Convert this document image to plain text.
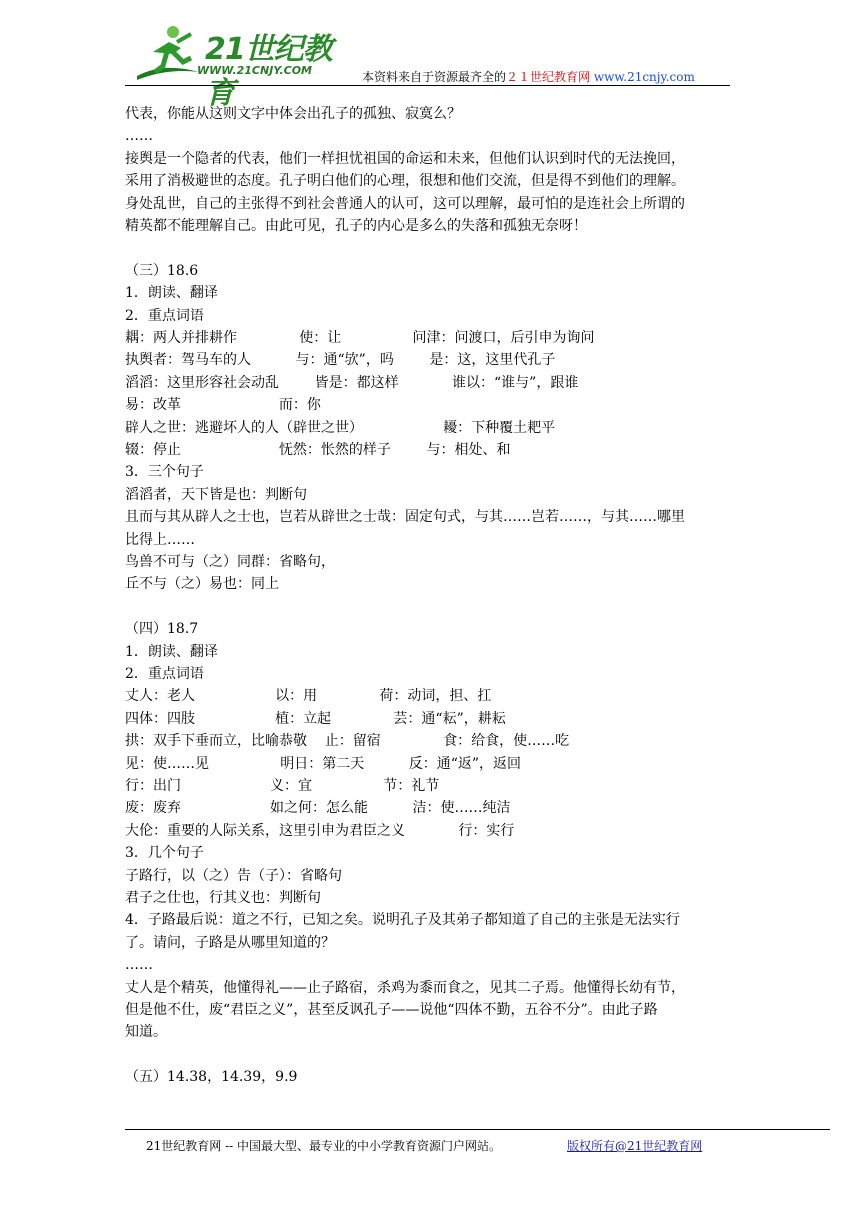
21世纪教育
WWW.21CNJY.COM	本资料来自于资源最齐全的２１世纪教育网 www.21cnjy.com
代表，你能从这则文字中体会出孔子的孤独、寂寞么？
……
接舆是一个隐者的代表，他们一样担忧祖国的命运和未来，但他们认识到时代的无法挽回，
采用了消极避世的态度。孔子明白他们的心理，很想和他们交流，但是得不到他们的理解。
身处乱世，自己的主张得不到社会普通人的认可，这可以理解，最可怕的是连社会上所谓的
精英都不能理解自己。由此可见，孔子的内心是多么的失落和孤独无奈呀！
（三）18.6
1．朗读、翻译
2．重点词语
耦：两人并排耕作              使：让                问津：问渡口，后引申为询问
执舆者：驾马车的人          与：通“欤”，吗        是：这，这里代孔子
滔滔：这里形容社会动乱        皆是：都这样            谁以：“谁与”，跟谁
易：改革                      而：你
辟人之世：逃避坏人的人（辟世之世）                  耰：下种覆土耙平
辍：停止                      怃然：怅然的样子        与：相处、和
3．三个句子
滔滔者，天下皆是也：判断句
且而与其从辟人之士也，岂若从辟世之士哉：固定句式，与其……岂若……，与其……哪里
比得上……
鸟兽不可与（之）同群：省略句，
丘不与（之）易也：同上
（四）18.7
1．朗读、翻译
2．重点词语
丈人：老人                  以：用              荷：动词，担、扛
四体：四肢                  植：立起              芸：通“耘”，耕耘
拱：双手下垂而立，比喻恭敬    止：留宿              食：给食，使……吃
见：使……见                明日：第二天          反：通“返”，返回
行：出门                    义：宜                节：礼节
废：废弃                    如之何：怎么能          洁：使……纯洁
大伦：重要的人际关系，这里引申为君臣之义            行：实行
3．几个句子
子路行，以（之）告（子）：省略句
君子之仕也，行其义也：判断句
4．子路最后说：道之不行，已知之矣。说明孔子及其弟子都知道了自己的主张是无法实行
了。请问，子路是从哪里知道的？
……
丈人是个精英，他懂得礼——止子路宿，杀鸡为黍而食之，见其二子焉。他懂得长幼有节，
但是他不仕，废“君臣之义”，甚至反讽孔子——说他“四体不勤，五谷不分”。由此子路
知道。
（五）14.38，14.39，9.9
21世纪教育网 -- 中国最大型、最专业的中小学教育资源门户网站。	版权所有@21世纪教育网
